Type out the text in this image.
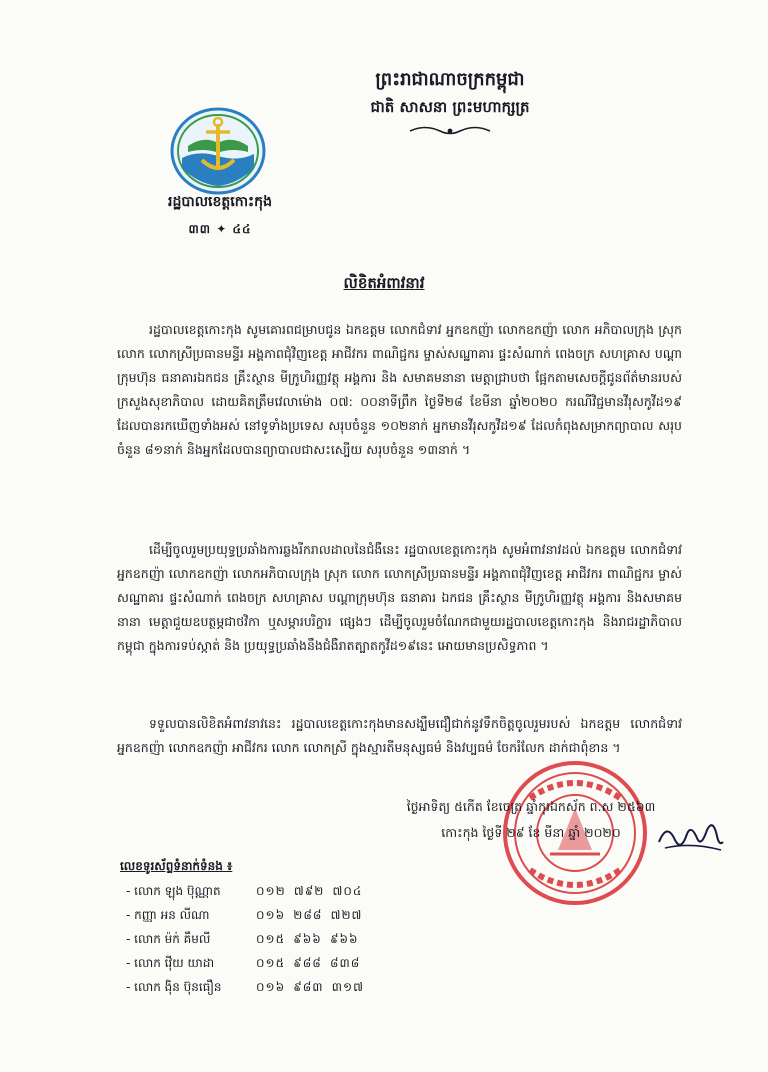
ព្រះរាជាណាចក្រកម្ពុជា
ជាតិ សាសនា ព្រះមហាក្សត្រ
រដ្ឋបាលខេត្តកោះកុង
៣៣ ✦ ៤៤
លិខិតអំពាវនាវ
រដ្ឋបាលខេត្តកោះកុង សូមគោរពជម្រាបជូន ឯកឧត្តម លោកជំទាវ អ្នកឧកញ៉ា លោកឧកញ៉ា លោក អភិបាលក្រុង ស្រុក លោក លោកស្រីប្រធានមន្ទីរ អង្គភាពជុំវិញខេត្ត អាជីវករ ពាណិជ្ជករ ម្ចាស់សណ្ឋាគារ ផ្ទះសំណាក់ ពេងចក្រ សហគ្រាស បណ្ដាក្រុមហ៊ុន ធនាគារឯកជន គ្រឹះស្ថាន មីក្រូហិរញ្ញវត្ថុ អង្គការ និង សមាគមនានា មេត្តាជ្រាបថា ផ្អែកតាមសេចក្ដីជូនព័ត៌មានរបស់ក្រសួងសុខាភិបាល ដោយគិតត្រឹមវេលាម៉ោង ០៧: ០០នាទីព្រឹក ថ្ងៃទី២៨ ខែមីនា ឆ្នាំ២០២០ ករណីវិជ្ជមានវីរុសកូវីដ១៩ ដែលបានរកឃើញទាំងអស់ នៅទូទាំងប្រទេស សរុបចំនួន ១០២នាក់ អ្នកមានវីរុសកូវីដ១៩ ដែលកំពុងសម្រាកព្យាបាល សរុបចំនួន ៨១នាក់ និងអ្នកដែលបានព្យាបាលជាសះស្បើយ សរុបចំនួន ១៣នាក់ ។
ដើម្បីចូលរួមប្រយុទ្ធប្រឆាំងការឆ្លងរីករាលដាលនៃជំងឺនេះ រដ្ឋបាលខេត្តកោះកុង សូមអំពាវនាវដល់ ឯកឧត្តម លោកជំទាវ អ្នកឧកញ៉ា លោកឧកញ៉ា លោកអភិបាលក្រុង ស្រុក លោក លោកស្រីប្រធានមន្ទីរ អង្គភាពជុំវិញខេត្ត អាជីវករ ពាណិជ្ជករ ម្ចាស់សណ្ឋាគារ ផ្ទះសំណាក់ ពេងចក្រ សហគ្រាស បណ្ដាក្រុមហ៊ុន ធនាគារ ឯកជន គ្រឹះស្ថាន មីក្រូហិរញ្ញវត្ថុ អង្គការ និងសមាគមនានា មេត្តាជួយឧបត្ថម្ភជាថវិកា ឬសម្ភារបរិក្ខារ ផ្សេងៗ ដើម្បីចូលរួមចំណែកជាមួយរដ្ឋបាលខេត្តកោះកុង និងរាជរដ្ឋាភិបាលកម្ពុជា ក្នុងការទប់ស្កាត់ និង ប្រយុទ្ធប្រឆាំងនឹងជំងឺរាតត្បាតកូវីដ១៩នេះ អោយមានប្រសិទ្ធភាព ។
ទទួលបានលិខិតអំពាវនាវនេះ រដ្ឋបាលខេត្តកោះកុងមានសង្ឃឹមជឿជាក់នូវទឹកចិត្តចូលរួមរបស់ ឯកឧត្តម លោកជំទាវ អ្នកឧកញ៉ា លោកឧកញ៉ា អាជីវករ លោក លោកស្រី ក្នុងស្មារតីមនុស្សធម៌ និងវប្បធម៌ ចែករំលែក ដាក់ជាពុំខាន ។
ថ្ងៃអាទិត្យ ៥កើត ខែចេត្រ ឆ្នាំកុរឯកស័ក ព.ស ២៥៦៣
កោះកុង ថ្ងៃទី ២៩ ខែ មីនា ឆ្នាំ ២០២០
លេខទូរស័ព្ទទំនាក់ទំនង ៖
- លោក ឡុង ប៊ុណ្ណាត	០១២ ៧៩២ ៧០៤
- កញ្ញា អន លីណា	០១៦ ២៨៨ ៧២៧
- លោក ម៉ក់ គឹមលី	០១៥ ៩៦៦ ៩៦៦
- លោក វ៉ើយ យាដា	០១៥ ៩៨៨ ៨៣៨
- លោក ង៉ិន ប៊ុនធឿន	០១៦ ៩៨៣ ៣១៧
